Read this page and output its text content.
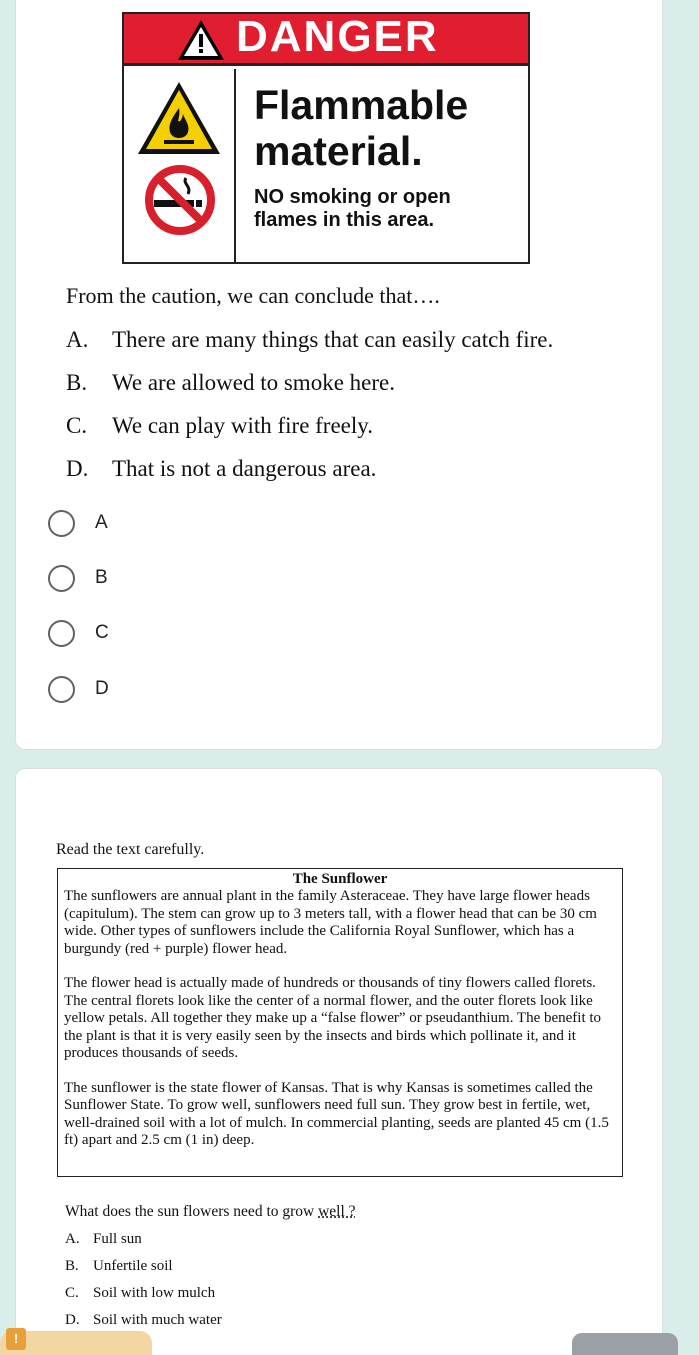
DANGER
Flammable material.
NO smoking or open flames in this area.
From the caution, we can conclude that….
A. There are many things that can easily catch fire.
B. We are allowed to smoke here.
C. We can play with fire freely.
D. That is not a dangerous area.
A
B
C
D
Read the text carefully.
The Sunflower

The sunflowers are annual plant in the family Asteraceae. They have large flower heads (capitulum). The stem can grow up to 3 meters tall, with a flower head that can be 30 cm wide. Other types of sunflowers include the California Royal Sunflower, which has a burgundy (red + purple) flower head.

The flower head is actually made of hundreds or thousands of tiny flowers called florets. The central florets look like the center of a normal flower, and the outer florets look like yellow petals. All together they make up a “false flower” or pseudanthium. The benefit to the plant is that it is very easily seen by the insects and birds which pollinate it, and it produces thousands of seeds.

The sunflower is the state flower of Kansas. That is why Kansas is sometimes called the Sunflower State. To grow well, sunflowers need full sun. They grow best in fertile, wet, well-drained soil with a lot of mulch. In commercial planting, seeds are planted 45 cm (1.5 ft) apart and 2.5 cm (1 in) deep.

What does the sun flowers need to grow well ?
A. Full sun
B. Unfertile soil
C. Soil with low mulch
D. Soil with much water
!
